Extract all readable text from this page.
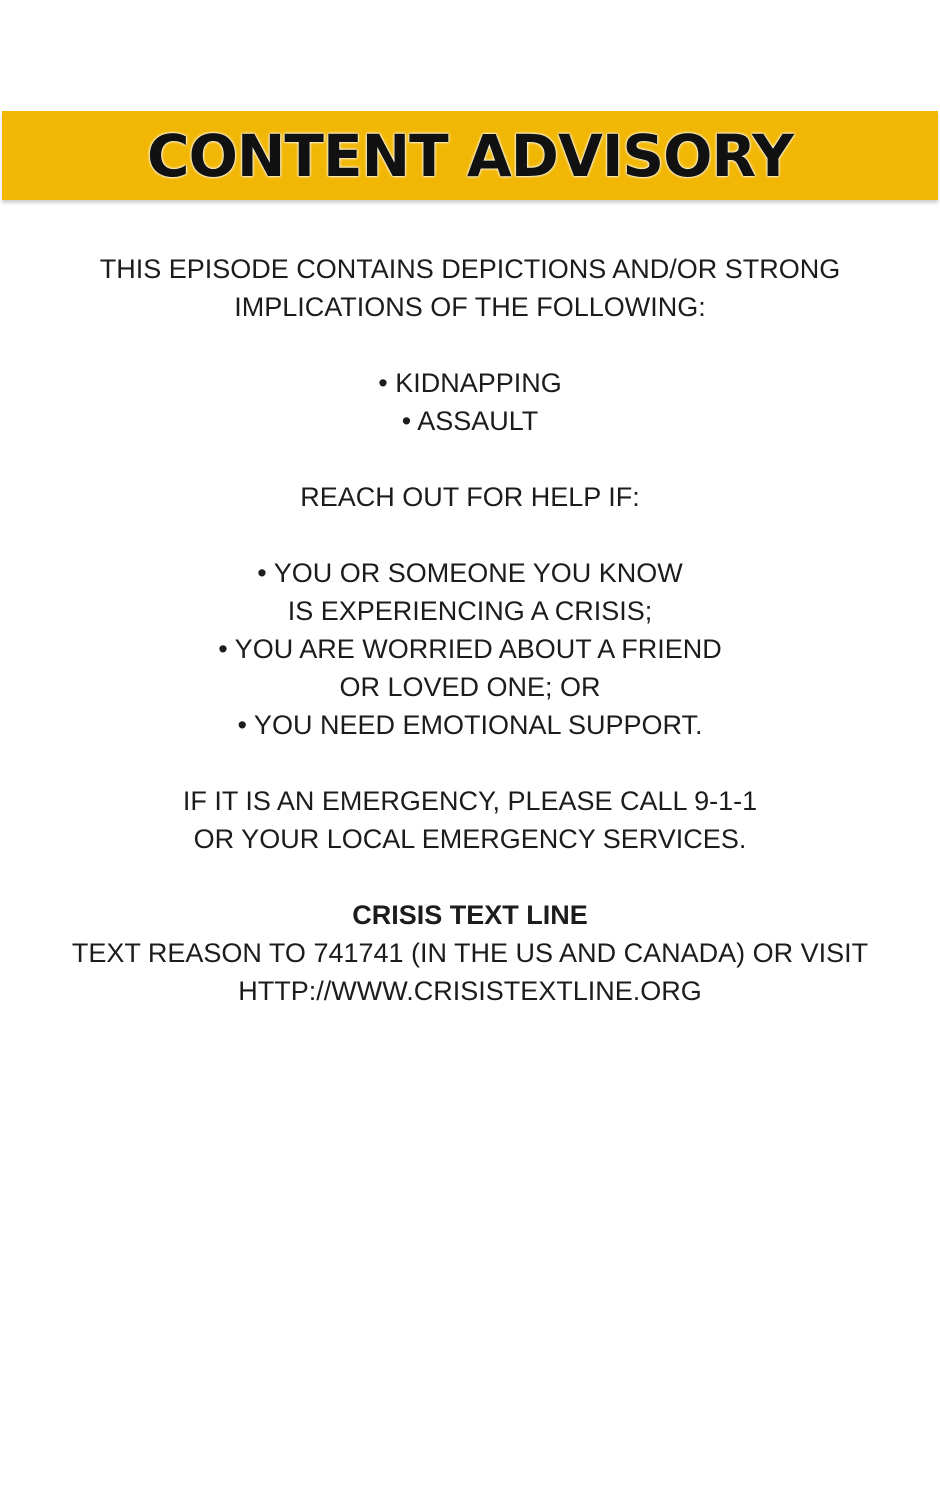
CONTENT ADVISORY
THIS EPISODE CONTAINS DEPICTIONS AND/OR STRONG
IMPLICATIONS OF THE FOLLOWING:
• KIDNAPPING
• ASSAULT
REACH OUT FOR HELP IF:
• YOU OR SOMEONE YOU KNOW
IS EXPERIENCING A CRISIS;
• YOU ARE WORRIED ABOUT A FRIEND
OR LOVED ONE; OR
• YOU NEED EMOTIONAL SUPPORT.
IF IT IS AN EMERGENCY, PLEASE CALL 9-1-1
OR YOUR LOCAL EMERGENCY SERVICES.
CRISIS TEXT LINE
TEXT REASON TO 741741 (IN THE US AND CANADA) OR VISIT
HTTP://WWW.CRISISTEXTLINE.ORG
